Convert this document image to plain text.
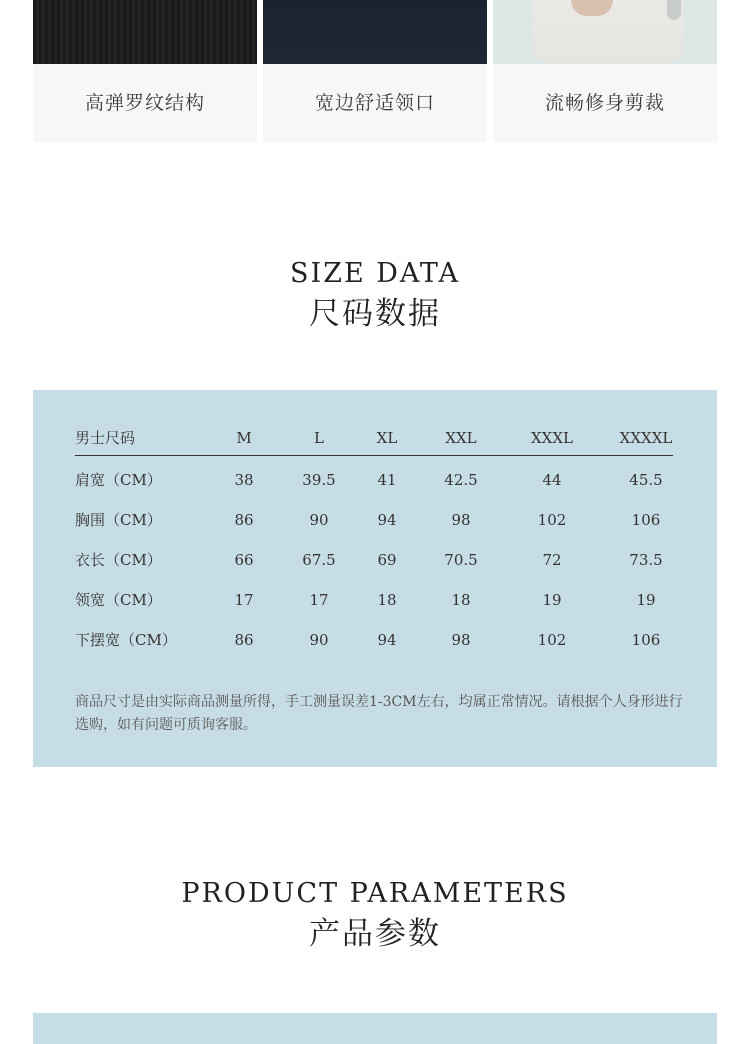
高弹罗纹结构	宽边舒适领口	流畅修身剪裁
SIZE DATA
尺码数据
男士尺码	M	L	XL	XXL	XXXL	XXXXL
肩宽（CM）	38	39.5	41	42.5	44	45.5
胸围（CM）	86	90	94	98	102	106
衣长（CM）	66	67.5	69	70.5	72	73.5
领宽（CM）	17	17	18	18	19	19
下摆宽（CM）	86	90	94	98	102	106
商品尺寸是由实际商品测量所得，手工测量误差1-3CM左右，均属正常情况。请根据个人身形进行选购，如有问题可质询客服。
PRODUCT PARAMETERS
产品参数
